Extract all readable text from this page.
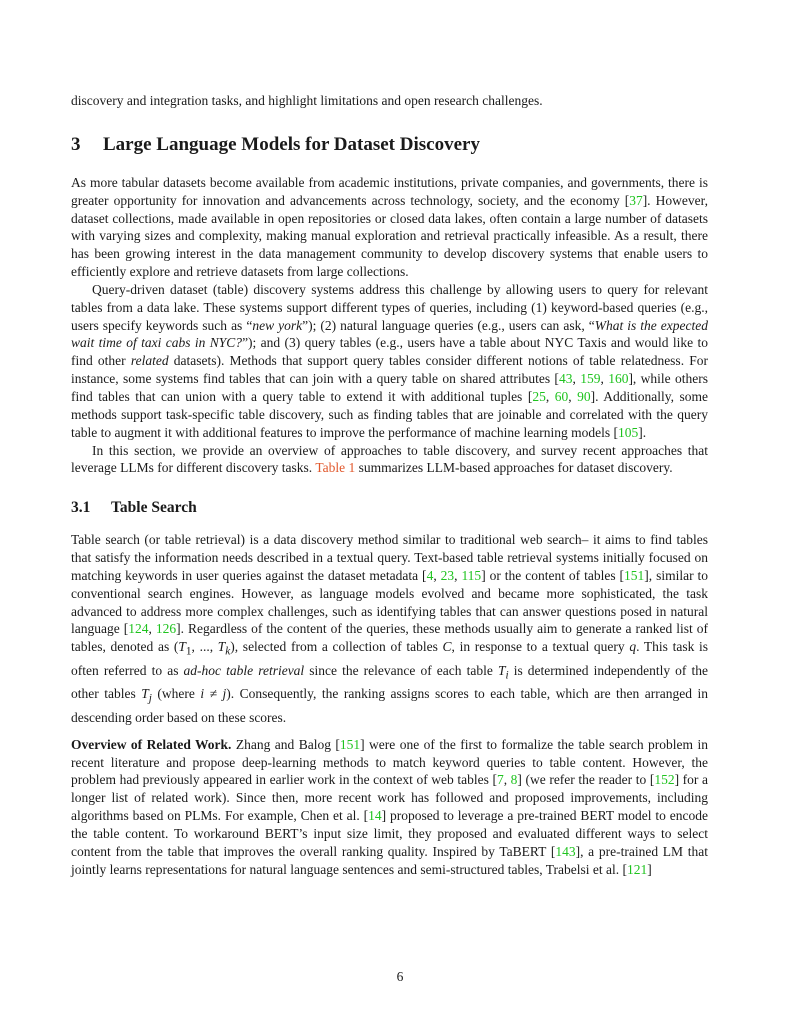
discovery and integration tasks, and highlight limitations and open research challenges.

3 Large Language Models for Dataset Discovery

As more tabular datasets become available from academic institutions, private companies, and governments, there is greater opportunity for innovation and advancements across technology, society, and the economy [37]. However, dataset collections, made available in open repositories or closed data lakes, often contain a large number of datasets with varying sizes and complexity, making manual exploration and retrieval practically infeasible. As a result, there has been growing interest in the data management community to develop discovery systems that enable users to efficiently explore and retrieve datasets from large collections.

Query-driven dataset (table) discovery systems address this challenge by allowing users to query for relevant tables from a data lake. These systems support different types of queries, including (1) keyword-based queries (e.g., users specify keywords such as “new york”); (2) natural language queries (e.g., users can ask, “What is the expected wait time of taxi cabs in NYC?”); and (3) query tables (e.g., users have a table about NYC Taxis and would like to find other related datasets). Methods that support query tables consider different notions of table relatedness. For instance, some systems find tables that can join with a query table on shared attributes [43, 159, 160], while others find tables that can union with a query table to extend it with additional tuples [25, 60, 90]. Additionally, some methods support task-specific table discovery, such as finding tables that are joinable and correlated with the query table to augment it with additional features to improve the performance of machine learning models [105].

In this section, we provide an overview of approaches to table discovery, and survey recent approaches that leverage LLMs for different discovery tasks. Table 1 summarizes LLM-based approaches for dataset discovery.

3.1 Table Search

Table search (or table retrieval) is a data discovery method similar to traditional web search– it aims to find tables that satisfy the information needs described in a textual query. Text-based table retrieval systems initially focused on matching keywords in user queries against the dataset metadata [4, 23, 115] or the content of tables [151], similar to conventional search engines. However, as language models evolved and became more sophisticated, the task advanced to address more complex challenges, such as identifying tables that can answer questions posed in natural language [124, 126]. Regardless of the content of the queries, these methods usually aim to generate a ranked list of tables, denoted as ($T_1$, ..., $T_k$), selected from a collection of tables C, in response to a textual query q. This task is often referred to as ad-hoc table retrieval since the relevance of each table $T_i$ is determined independently of the other tables $T_j$ (where i ≠ j). Consequently, the ranking assigns scores to each table, which are then arranged in descending order based on these scores.

Overview of Related Work. Zhang and Balog [151] were one of the first to formalize the table search problem in recent literature and propose deep-learning methods to match keyword queries to table content. However, the problem had previously appeared in earlier work in the context of web tables [7, 8] (we refer the reader to [152] for a longer list of related work). Since then, more recent work has followed and proposed improvements, including algorithms based on PLMs. For example, Chen et al. [14] proposed to leverage a pre-trained BERT model to encode the table content. To workaround BERT’s input size limit, they proposed and evaluated different ways to select content from the table that improves the overall ranking quality. Inspired by TaBERT [143], a pre-trained LM that jointly learns representations for natural language sentences and semi-structured tables, Trabelsi et al. [121]

6
